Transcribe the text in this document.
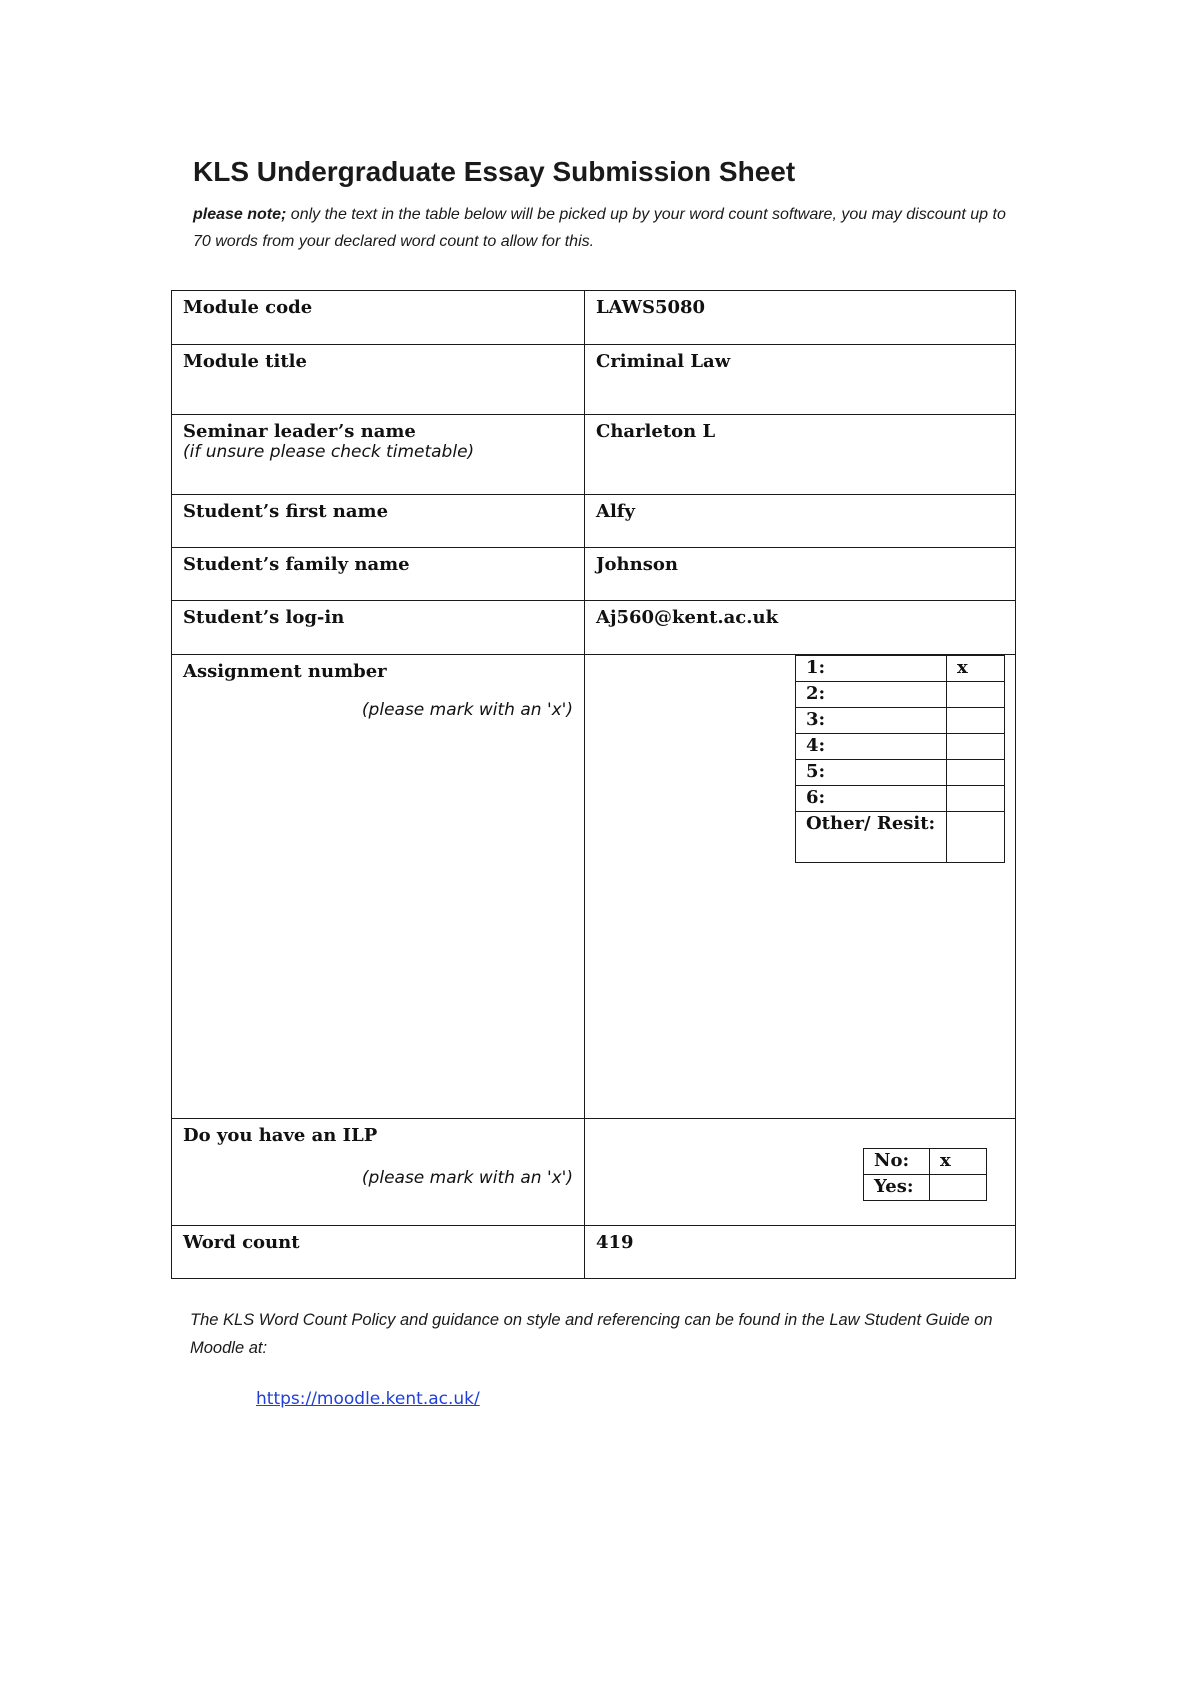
KLS Undergraduate Essay Submission Sheet
please note; only the text in the table below will be picked up by your word count software, you may discount up to 70 words from your declared word count to allow for this.
Module code	LAWS5080
Module title	Criminal Law

Seminar leader’s name
(if unsure please check timetable)
	Charleton L
Student’s first name	Alfy
Student’s family name	Johnson
Student’s log-in	Aj560@kent.ac.uk

Assignment number
(please mark with an 'x')

1:	x
2:	
3:	
4:	
5:	
6:	
Other/ Resit:	

Do you have an ILP
(please mark with an 'x')

No:	x
Yes:	

Word count	419
The KLS Word Count Policy and guidance on style and referencing can be found in the Law Student Guide on Moodle at:
https://moodle.kent.ac.uk/
